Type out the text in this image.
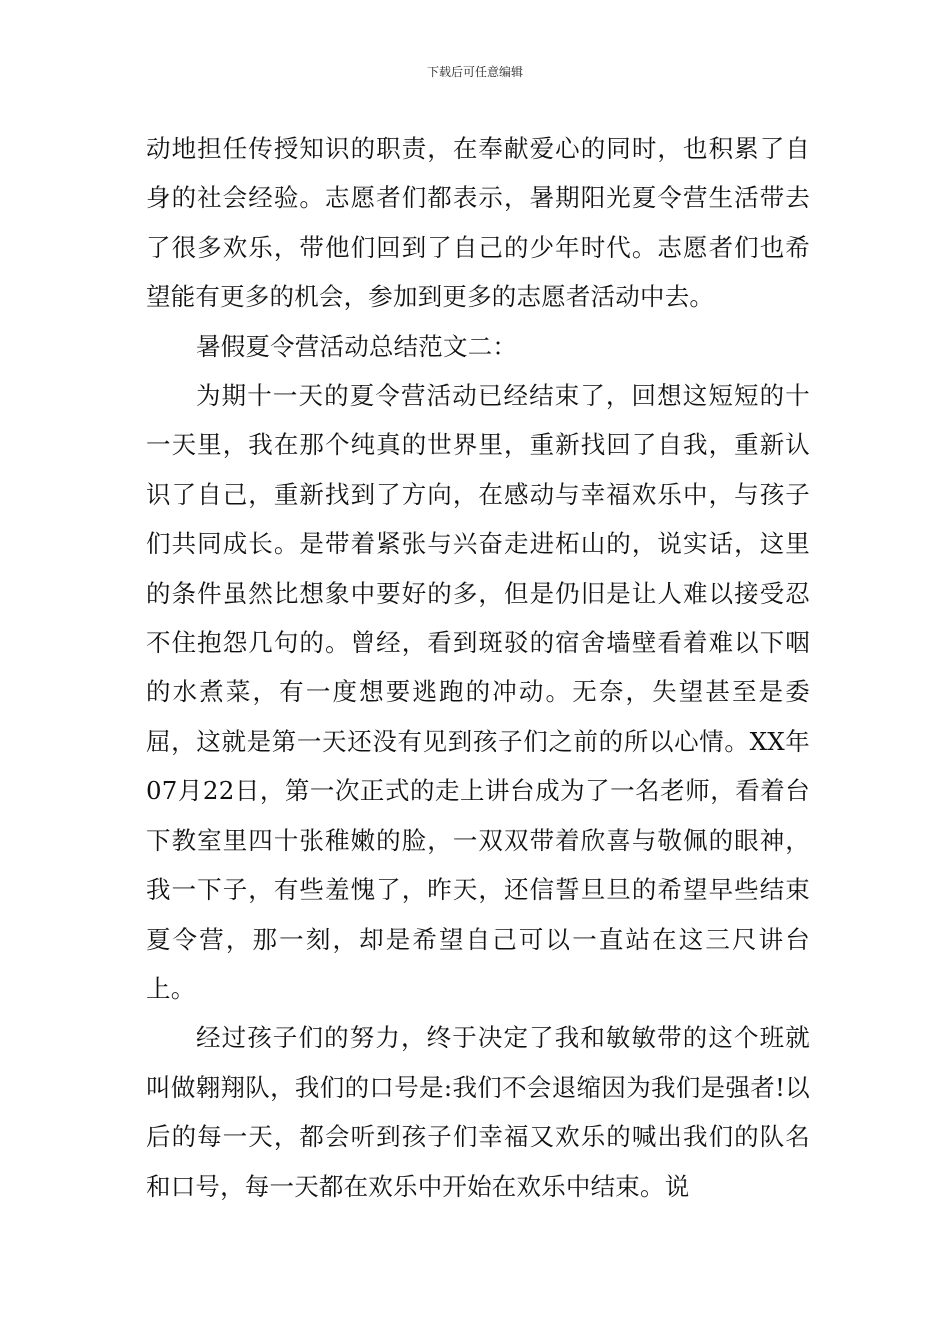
下载后可任意编辑

动地担任传授知识的职责，在奉献爱心的同时，也积累了自身的社会经验。志愿者们都表示，暑期阳光夏令营生活带去了很多欢乐，带他们回到了自己的少年时代。志愿者们也希望能有更多的机会，参加到更多的志愿者活动中去。

暑假夏令营活动总结范文二：

为期十一天的夏令营活动已经结束了，回想这短短的十一天里，我在那个纯真的世界里，重新找回了自我，重新认识了自己，重新找到了方向，在感动与幸福欢乐中，与孩子们共同成长。是带着紧张与兴奋走进柘山的，说实话，这里的条件虽然比想象中要好的多，但是仍旧是让人难以接受忍不住抱怨几句的。曾经，看到斑驳的宿舍墙壁看着难以下咽的水煮菜，有一度想要逃跑的冲动。无奈，失望甚至是委屈，这就是第一天还没有见到孩子们之前的所以心情。XX年07月22日，第一次正式的走上讲台成为了一名老师，看着台下教室里四十张稚嫩的脸，一双双带着欣喜与敬佩的眼神，我一下子，有些羞愧了，昨天，还信誓旦旦的希望早些结束夏令营，那一刻，却是希望自己可以一直站在这三尺讲台上。

经过孩子们的努力，终于决定了我和敏敏带的这个班就叫做翱翔队，我们的口号是:我们不会退缩因为我们是强者!以后的每一天，都会听到孩子们幸福又欢乐的喊出我们的队名和口号，每一天都在欢乐中开始在欢乐中结束。说
